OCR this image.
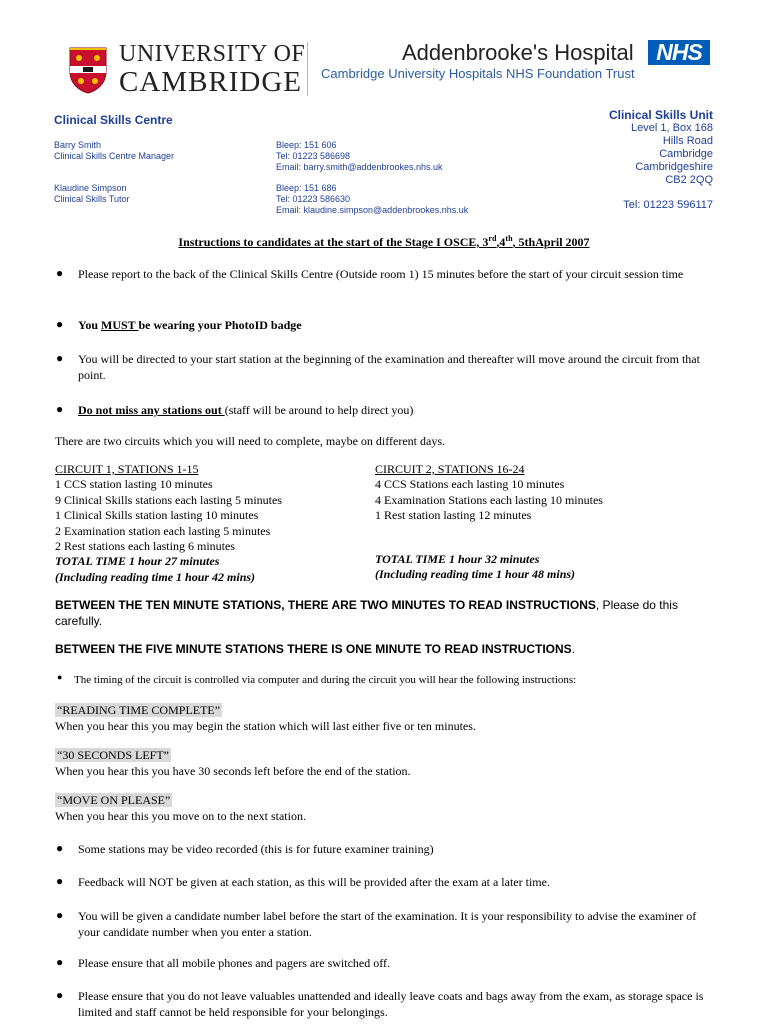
UNIVERSITY OF
CAMBRIDGE
Addenbrooke's Hospital NHS
Cambridge University Hospitals NHS Foundation Trust
Clinical Skills Centre
Barry Smith
Clinical Skills Centre Manager
Bleep: 151 606
Tel: 01223 586698
Email: barry.smith@addenbrookes.nhs.uk
Klaudine Simpson
Clinical Skills Tutor
Bleep: 151 686
Tel: 01223 586630
Email: klaudine.simpson@addenbrookes.nhs.uk
Clinical Skills Unit
Level 1, Box 168
Hills Road
Cambridge
Cambridgeshire
CB2 2QQ
Tel: 01223 596117
Instructions to candidates at the start of the Stage I OSCE, 3rd,4th, 5thApril 2007
● Please report to the back of the Clinical Skills Centre (Outside room 1) 15 minutes before the start of your circuit session time
● You MUST be wearing your PhotoID badge
● You will be directed to your start station at the beginning of the examination and thereafter will move around the circuit from that point.
● Do not miss any stations out (staff will be around to help direct you)
There are two circuits which you will need to complete, maybe on different days.
CIRCUIT 1, STATIONS 1-15
1 CCS station lasting 10 minutes
9 Clinical Skills stations each lasting 5 minutes
1 Clinical Skills station lasting 10 minutes
2 Examination station each lasting 5 minutes
2 Rest stations each lasting 6 minutes
TOTAL TIME 1 hour 27 minutes
(Including reading time 1 hour 42 mins)
CIRCUIT 2, STATIONS 16-24
4 CCS Stations each lasting 10 minutes
4 Examination Stations each lasting 10 minutes
1 Rest station lasting 12 minutes
TOTAL TIME 1 hour 32 minutes
(Including reading time 1 hour 48 mins)
BETWEEN THE TEN MINUTE STATIONS, THERE ARE TWO MINUTES TO READ INSTRUCTIONS, Please do this carefully.
BETWEEN THE FIVE MINUTE STATIONS THERE IS ONE MINUTE TO READ INSTRUCTIONS.
● The timing of the circuit is controlled via computer and during the circuit you will hear the following instructions:
“READING TIME COMPLETE”
When you hear this you may begin the station which will last either five or ten minutes.
“30 SECONDS LEFT”
When you hear this you have 30 seconds left before the end of the station.
“MOVE ON PLEASE”
When you hear this you move on to the next station.
● Some stations may be video recorded (this is for future examiner training)
● Feedback will NOT be given at each station, as this will be provided after the exam at a later time.
● You will be given a candidate number label before the start of the examination. It is your responsibility to advise the examiner of your candidate number when you enter a station.
● Please ensure that all mobile phones and pagers are switched off.
● Please ensure that you do not leave valuables unattended and ideally leave coats and bags away from the exam, as storage space is limited and staff cannot be held responsible for your belongings.
